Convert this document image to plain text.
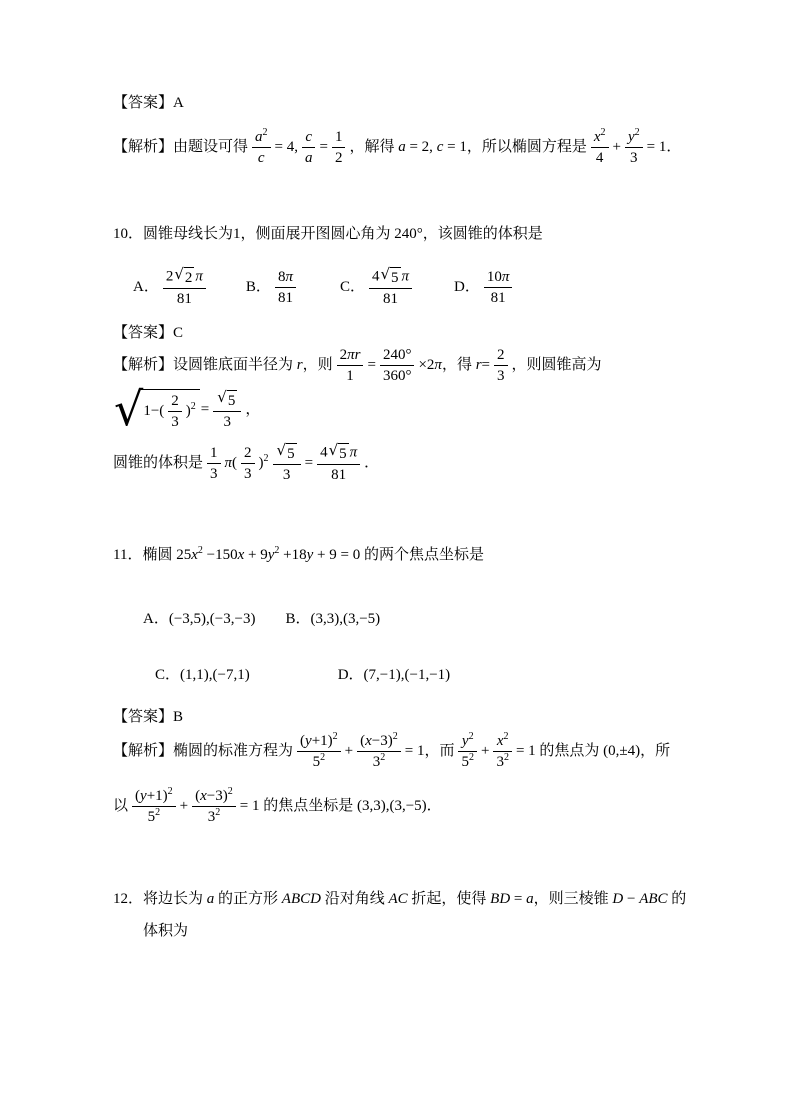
【答案】A
【解析】由题设可得 $\frac{a^2}{c} = 4$, $\frac{c}{a} = \frac{1}{2}$ ，解得 a = 2, c = 1，所以椭圆方程是 $\frac{x^2}{4} + \frac{y^2}{3} = 1$．
10．圆锥母线长为1，侧面展开图圆心角为 240°，该圆锥的体积是
A． $\frac{2 √ 2 \pi}{81}$	B． $\frac{8\pi}{81}$	C． $\frac{4 √ 5 \pi}{81}$	D． $\frac{10\pi}{81}$
【答案】C
【解析】设圆锥底面半径为 r，则 $\frac{2\pi r}{1} = \frac{240^\circ}{360^\circ} \times 2\pi$，得 $r= \frac{2}{3}$ ，则圆锥高为
√ $1-( \frac{2}{3} )^2 = \frac{√ 5}{3}$ ，
圆锥的体积是 $\frac{1}{3} \pi( \frac{2}{3} )^2 \frac{√ 5}{3} = \frac{4 √ 5 \pi}{81}$ ．
11．椭圆 $25x^2 -150x + 9y^2 +18y + 9 = 0$ 的两个焦点坐标是
A．(−3,5),(−3,−3) B．(3,3),(3,−5)
C．(1,1),(−7,1)	D．(7,−1),(−1,−1)
【答案】B
【解析】椭圆的标准方程为 $\frac{(y+1)^2}{5^2} + \frac{(x-3)^2}{3^2} = 1$，而 $\frac{y^2}{5^2} + \frac{x^2}{3^2} = 1$ 的焦点为 (0,±4)，所
以 $\frac{(y+1)^2}{5^2} + \frac{(x-3)^2}{3^2} = 1$ 的焦点坐标是 (3,3),(3,−5)．
12．将边长为 a 的正方形 ABCD 沿对角线 AC 折起，使得 BD = a，则三棱锥 D − ABC 的
体积为
